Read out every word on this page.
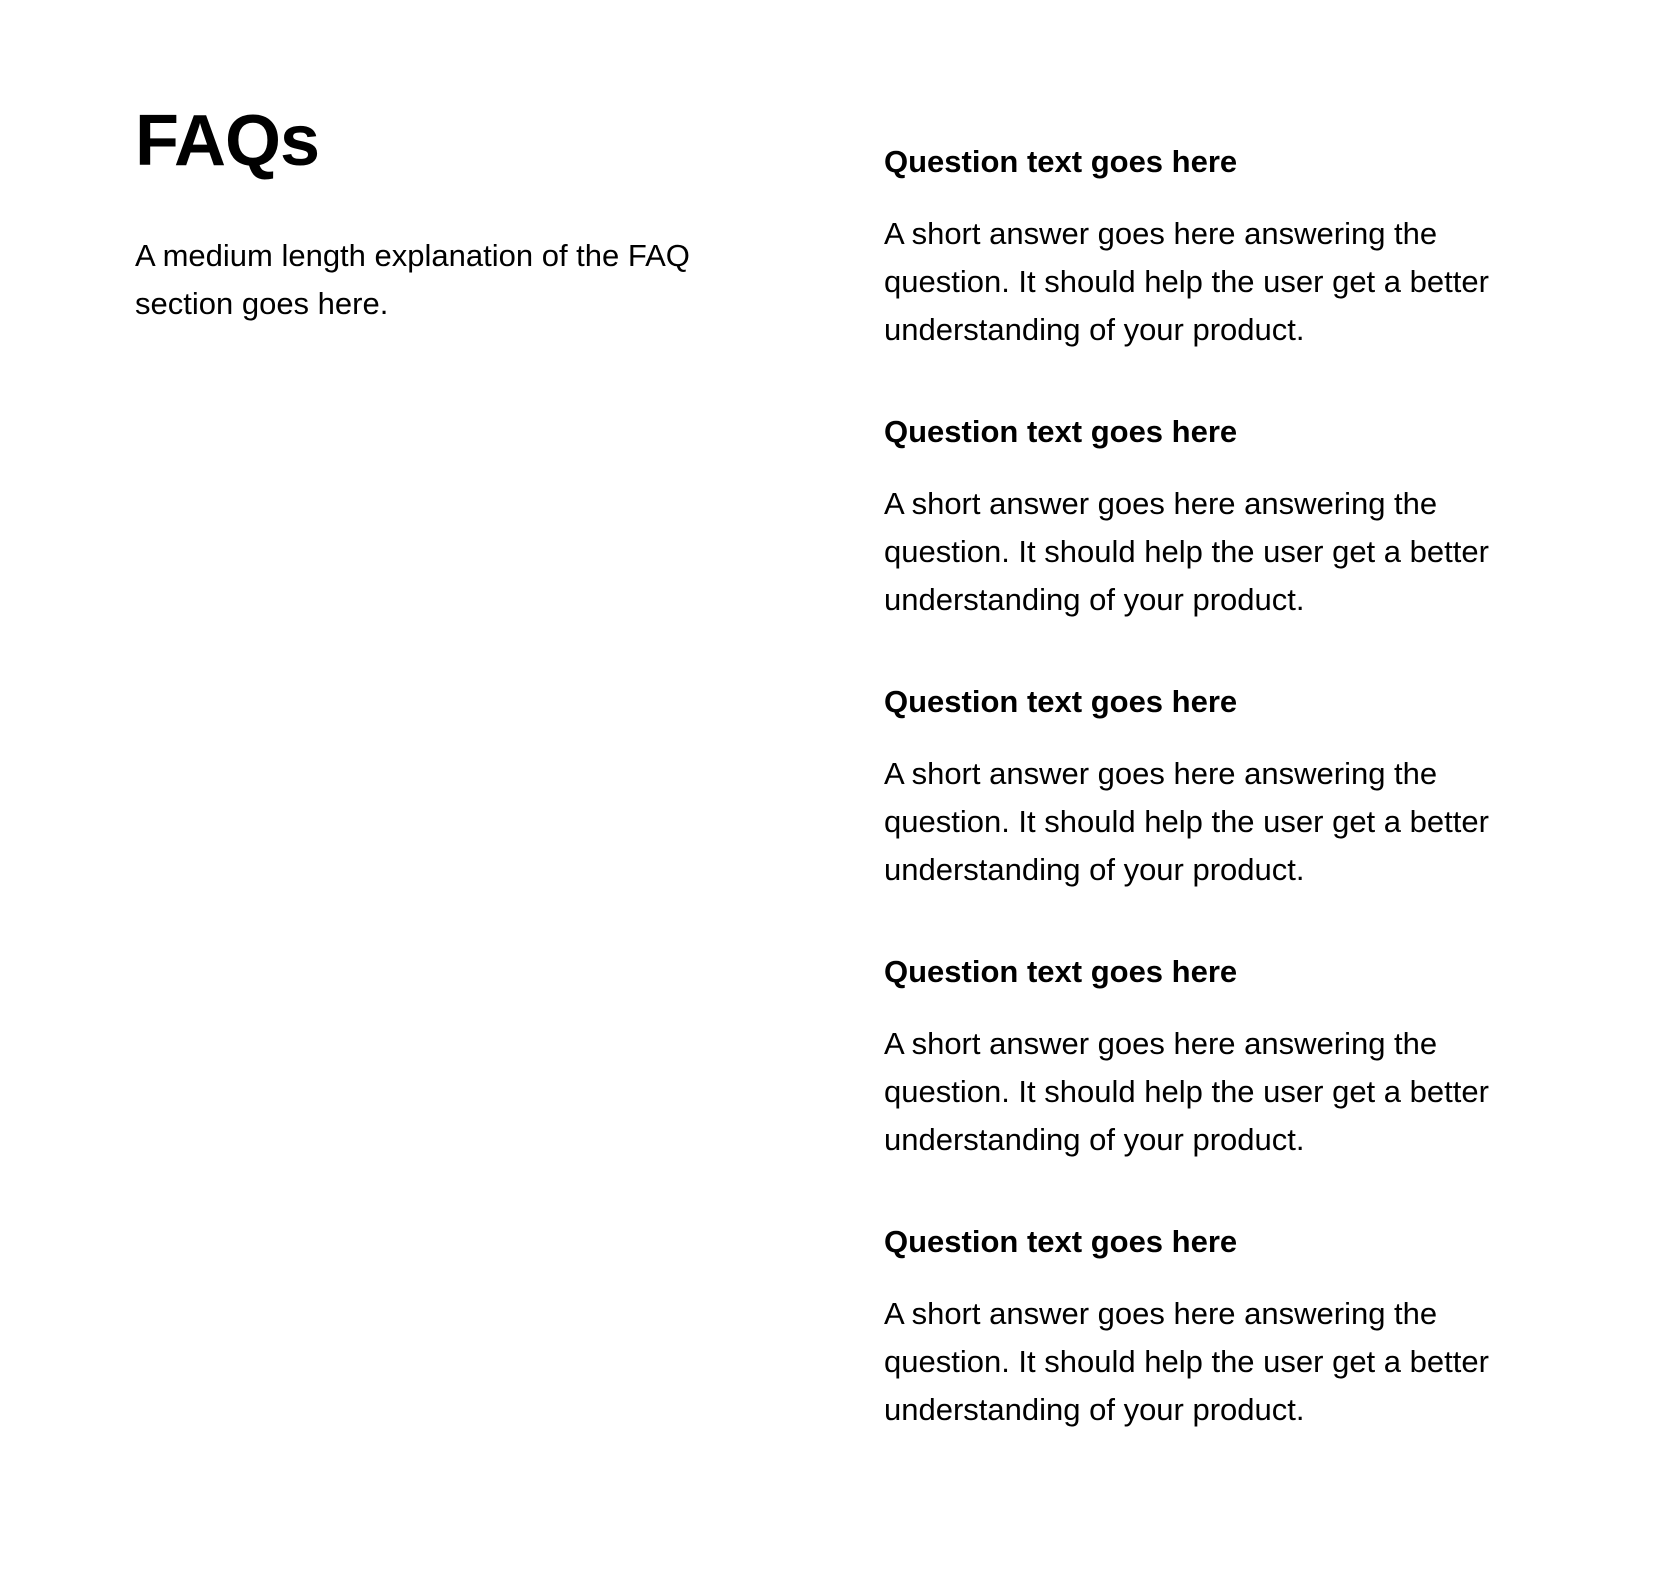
FAQs

A medium length explanation of the FAQ section goes here.

Question text goes here

A short answer goes here answering the question. It should help the user get a better understanding of your product.

Question text goes here

A short answer goes here answering the question. It should help the user get a better understanding of your product.

Question text goes here

A short answer goes here answering the question. It should help the user get a better understanding of your product.

Question text goes here

A short answer goes here answering the question. It should help the user get a better understanding of your product.

Question text goes here

A short answer goes here answering the question. It should help the user get a better understanding of your product.
